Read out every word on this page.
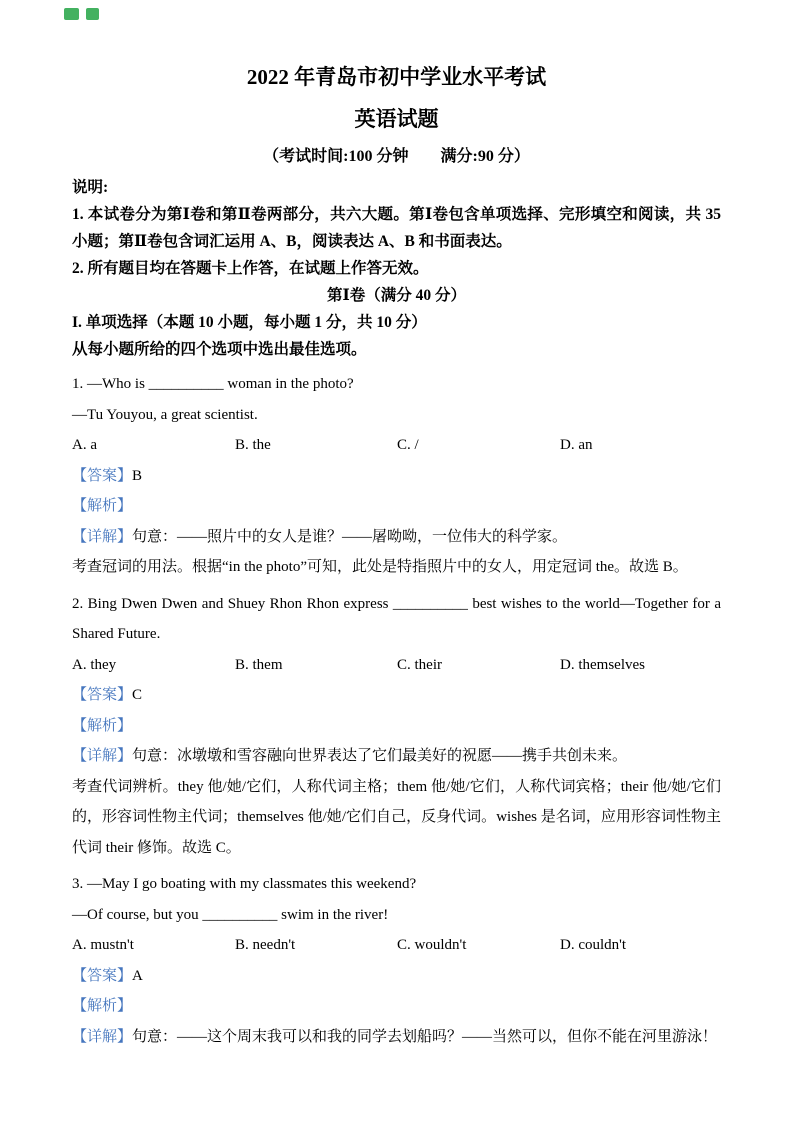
2022 年青岛市初中学业水平考试

英语试题

（考试时间:100 分钟　　满分:90 分）

说明:

1. 本试卷分为第Ⅰ卷和第Ⅱ卷两部分，共六大题。第Ⅰ卷包含单项选择、完形填空和阅读，共 35 小题；第Ⅱ卷包含词汇运用 A、B，阅读表达 A、B 和书面表达。

2. 所有题目均在答题卡上作答，在试题上作答无效。

第Ⅰ卷（满分 40 分）

I. 单项选择（本题 10 小题，每小题 1 分，共 10 分）

从每小题所给的四个选项中选出最佳选项。

1. —Who is __________ woman in the photo?

—Tu Youyou, a great scientist.

A. a	B. the	C. /	D. an

【答案】B

【解析】

【详解】句意：——照片中的女人是谁？——屠呦呦，一位伟大的科学家。

考查冠词的用法。根据“in the photo”可知，此处是特指照片中的女人，用定冠词 the。故选 B。

2. Bing Dwen Dwen and Shuey Rhon Rhon express __________ best wishes to the world—Together for a Shared Future.

A. they	B. them	C. their	D. themselves

【答案】C

【解析】

【详解】句意：冰墩墩和雪容融向世界表达了它们最美好的祝愿——携手共创未来。

考查代词辨析。they 他/她/它们，人称代词主格；them 他/她/它们，人称代词宾格；their 他/她/它们的，形容词性物主代词；themselves 他/她/它们自己，反身代词。wishes 是名词，应用形容词性物主代词 their 修饰。故选 C。

3. —May I go boating with my classmates this weekend?

—Of course, but you __________ swim in the river!

A. mustn't	B. needn't	C. wouldn't	D. couldn't

【答案】A

【解析】

【详解】句意：——这个周末我可以和我的同学去划船吗？——当然可以，但你不能在河里游泳！
